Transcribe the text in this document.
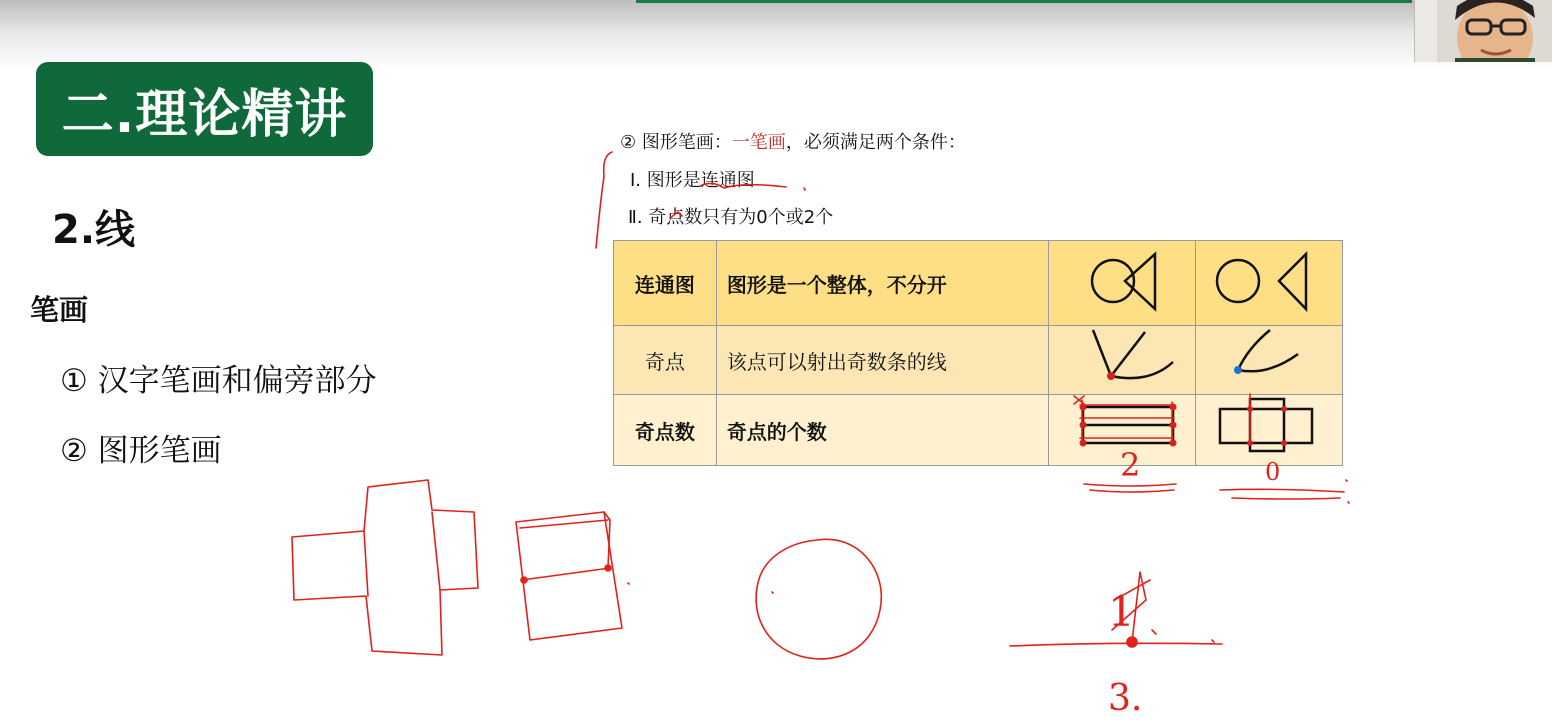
二.理论精讲
2.线
笔画
① 汉字笔画和偏旁部分
② 图形笔画
② 图形笔画：一笔画，必须满足两个条件：
Ⅰ. 图形是连通图
Ⅱ. 奇点数只有为0个或2个
连通图	图形是一个整体，不分开	

奇点	该点可以射出奇数条的线	

奇点数	奇点的个数	

2	0
1
3.
